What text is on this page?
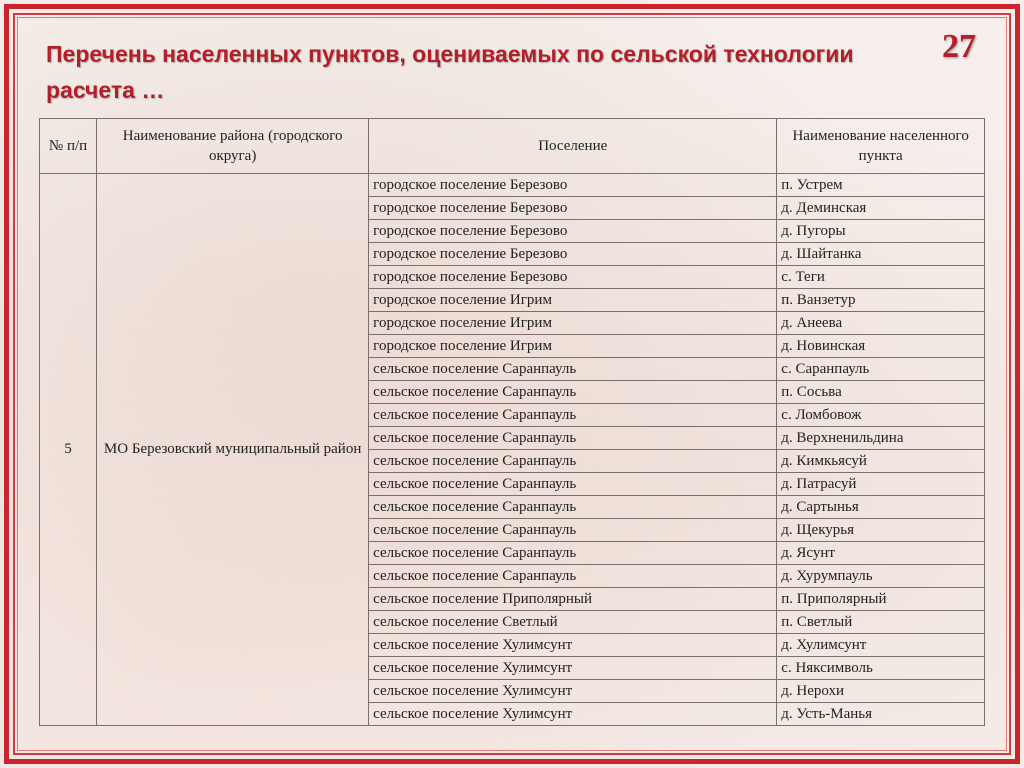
Перечень населенных пунктов, оцениваемых по сельской технологии расчета …
27
№ п/п	Наименование района (городского округа)	Поселение	Наименование населенного пункта
5	МО Березовский муниципальный район	городское поселение Березово	п. Устрем
		городское поселение Березово	д. Деминская
		городское поселение Березово	д. Пугоры
		городское поселение Березово	д. Шайтанка
		городское поселение Березово	с. Теги
		городское поселение Игрим	п. Ванзетур
		городское поселение Игрим	д. Анеева
		городское поселение Игрим	д. Новинская
		сельское поселение Саранпауль	с. Саранпауль
		сельское поселение Саранпауль	п. Сосьва
		сельское поселение Саранпауль	с. Ломбовож
		сельское поселение Саранпауль	д. Верхненильдина
		сельское поселение Саранпауль	д. Кимкьясуй
		сельское поселение Саранпауль	д. Патрасуй
		сельское поселение Саранпауль	д. Сартынья
		сельское поселение Саранпауль	д. Щекурья
		сельское поселение Саранпауль	д. Ясунт
		сельское поселение Саранпауль	д. Хурумпауль
		сельское поселение Приполярный	п. Приполярный
		сельское поселение Светлый	п. Светлый
		сельское поселение Хулимсунт	д. Хулимсунт
		сельское поселение Хулимсунт	с. Няксимволь
		сельское поселение Хулимсунт	д. Нерохи
		сельское поселение Хулимсунт	д. Усть-Манья
